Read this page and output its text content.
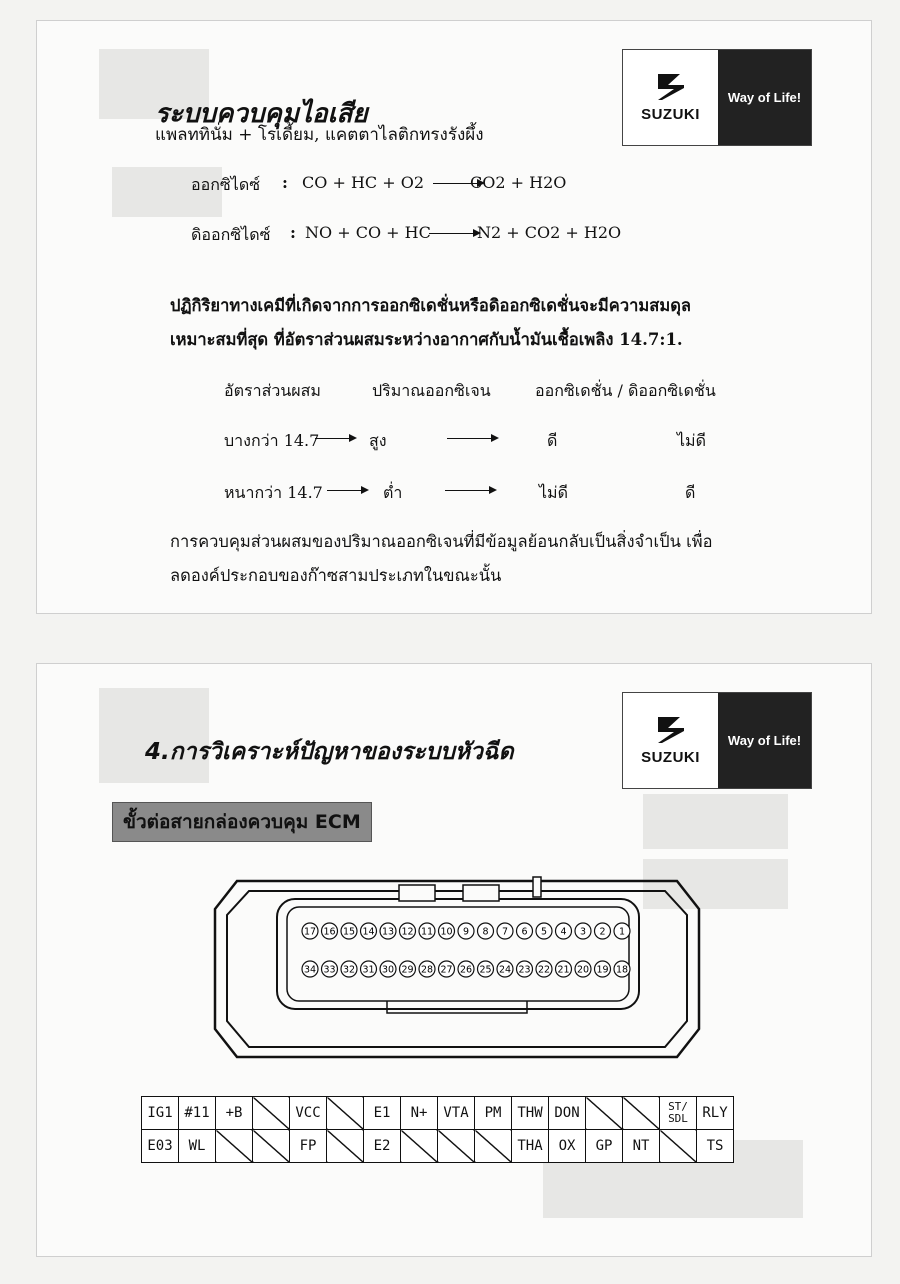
SUZUKI
Way of Life!
ระบบควบคุมไอเสีย
แพลททินั่ม + โรเดี้ยม, แคตตาไลติกทรงรังผึ้ง
ออกซิไดซ์ : CO + HC + O2	CO2 + H2O
ดิออกซิไดซ์ : NO + CO + HC	N2 + CO2 + H2O
ปฏิกิริยาทางเคมีที่เกิดจากการออกซิเดชั่นหรือดิออกซิเดชั่นจะมีความสมดุล
เหมาะสมที่สุด ที่อัตราส่วนผสมระหว่างอากาศกับน้ำมันเชื้อเพลิง 14.7:1.
อัตราส่วนผสม	ปริมาณออกซิเจน	ออกซิเดชั่น / ดิออกซิเดชั่น
บางกว่า 14.7	สูง	ดี	ไม่ดี
หนากว่า 14.7	ต่ำ	ไม่ดี	ดี
การควบคุมส่วนผสมของปริมาณออกซิเจนที่มีข้อมูลย้อนกลับเป็นสิ่งจำเป็น เพื่อ
ลดองค์ประกอบของก๊าซสามประเภทในขณะนั้น
SUZUKI
Way of Life!
4.การวิเคราะห์ปัญหาของระบบหัวฉีด
ขั้วต่อสายกล่องควบคุม ECM
17 16 15 14 13 12 11 10 9 8 7 6 5 4 3 2 1
34 33 32 31 30 29 28 27 26 25 24 23 22 21 20 19 18
IG1	#11	+B		VCC		E1	N+	VTA	PM	THW	DON			ST/
SDL	RLY
E03	WL			FP		E2				THA	OX	GP	NT		TS
